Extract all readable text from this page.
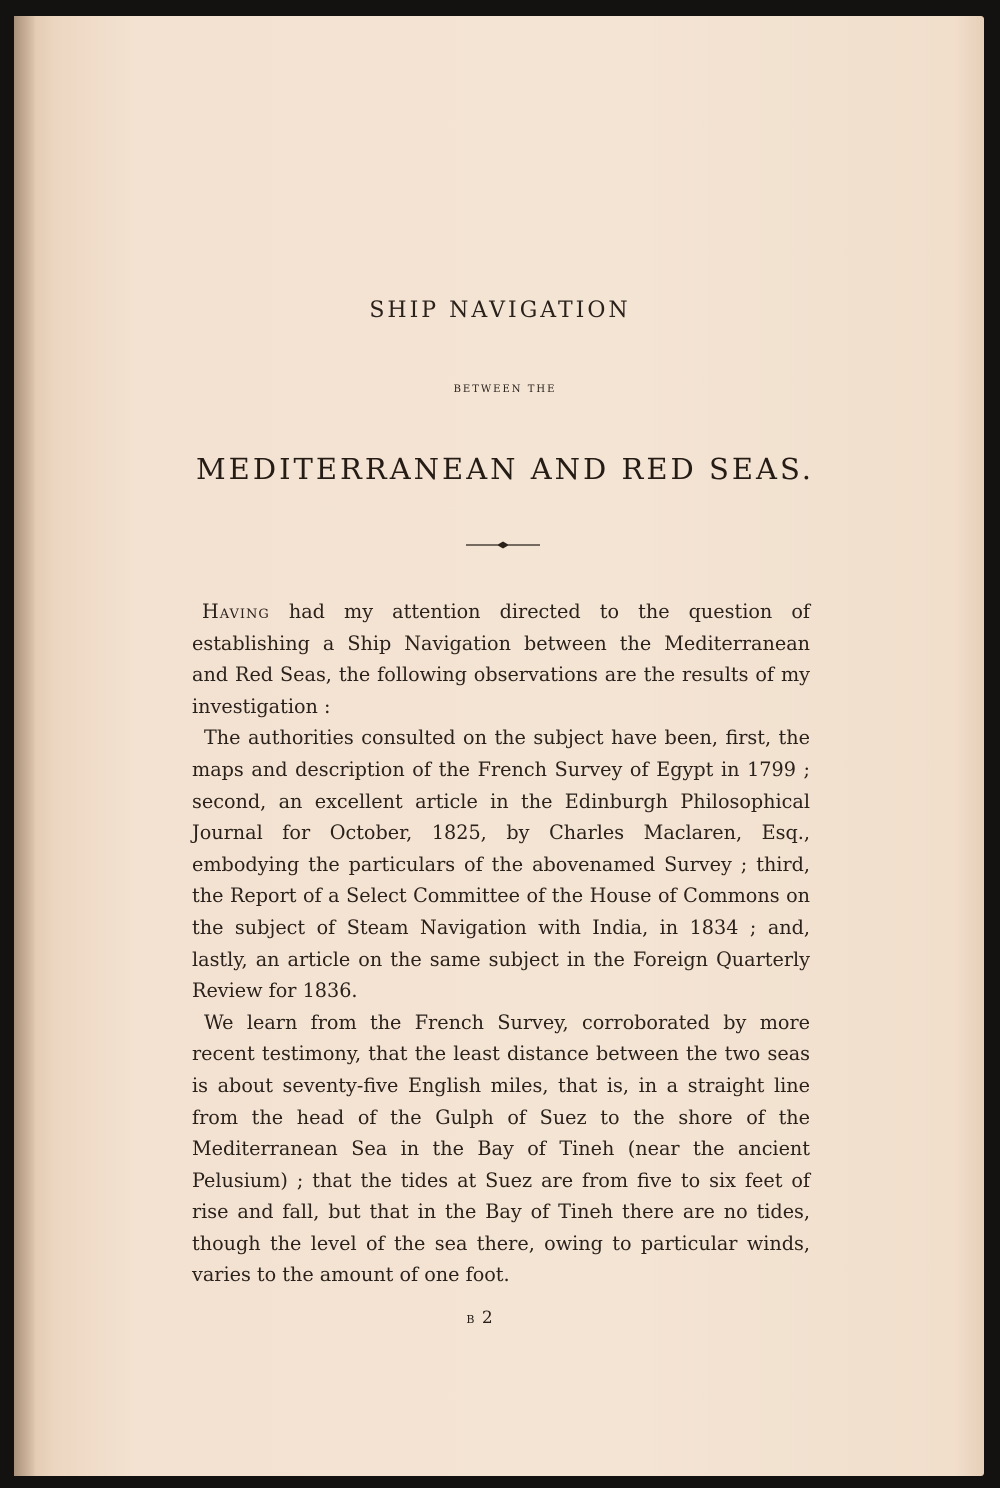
SHIP NAVIGATION
BETWEEN THE
MEDITERRANEAN AND RED SEAS.

Having had my attention directed to the question of establishing a Ship Navigation between the Mediterranean and Red Seas, the following observations are the results of my investigation :

The authorities consulted on the subject have been, first, the maps and description of the French Survey of Egypt in 1799 ; second, an excellent article in the Edinburgh Philosophical Journal for October, 1825, by Charles Maclaren, Esq., embodying the particulars of the abovenamed Survey ; third, the Report of a Select Committee of the House of Commons on the subject of Steam Navigation with India, in 1834 ; and, lastly, an article on the same subject in the Foreign Quarterly Review for 1836.

We learn from the French Survey, corroborated by more recent testimony, that the least distance between the two seas is about seventy-five English miles, that is, in a straight line from the head of the Gulph of Suez to the shore of the Mediterranean Sea in the Bay of Tineh (near the ancient Pelusium) ; that the tides at Suez are from five to six feet of rise and fall, but that in the Bay of Tineh there are no tides, though the level of the sea there, owing to particular winds, varies to the amount of one foot.

B 2
